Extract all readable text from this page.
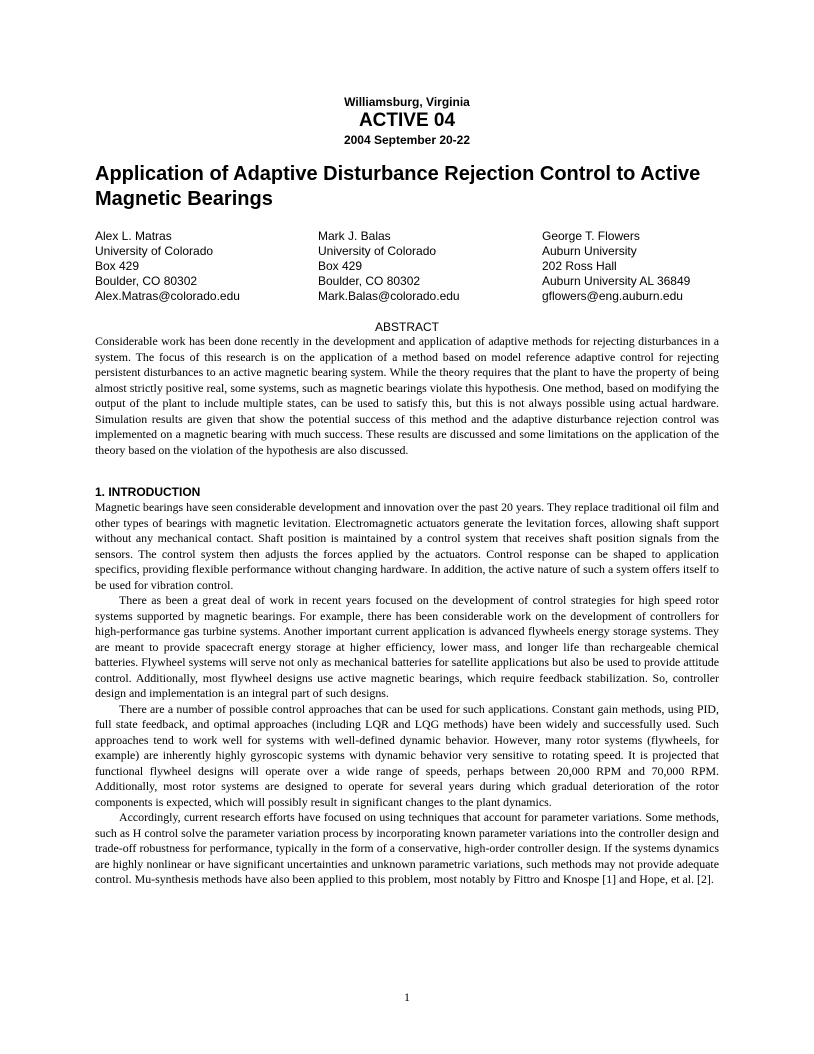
Williamsburg, Virginia
ACTIVE 04
2004 September 20-22
Application of Adaptive Disturbance Rejection Control to Active Magnetic Bearings
Alex L. Matras
University of Colorado
Box 429
Boulder, CO 80302
Alex.Matras@colorado.edu
Mark J. Balas
University of Colorado
Box 429
Boulder, CO 80302
Mark.Balas@colorado.edu
George T. Flowers
Auburn University
202 Ross Hall
Auburn University AL 36849
gflowers@eng.auburn.edu
ABSTRACT
Considerable work has been done recently in the development and application of adaptive methods for rejecting disturbances in a system. The focus of this research is on the application of a method based on model reference adaptive control for rejecting persistent disturbances to an active magnetic bearing system. While the theory requires that the plant to have the property of being almost strictly positive real, some systems, such as magnetic bearings violate this hypothesis. One method, based on modifying the output of the plant to include multiple states, can be used to satisfy this, but this is not always possible using actual hardware. Simulation results are given that show the potential success of this method and the adaptive disturbance rejection control was implemented on a magnetic bearing with much success. These results are discussed and some limitations on the application of the theory based on the violation of the hypothesis are also discussed.
1. INTRODUCTION

Magnetic bearings have seen considerable development and innovation over the past 20 years. They replace traditional oil film and other types of bearings with magnetic levitation. Electromagnetic actuators generate the levitation forces, allowing shaft support without any mechanical contact. Shaft position is maintained by a control system that receives shaft position signals from the sensors. The control system then adjusts the forces applied by the actuators. Control response can be shaped to application specifics, providing flexible performance without changing hardware. In addition, the active nature of such a system offers itself to be used for vibration control.

There as been a great deal of work in recent years focused on the development of control strategies for high speed rotor systems supported by magnetic bearings. For example, there has been considerable work on the development of controllers for high-performance gas turbine systems. Another important current application is advanced flywheels energy storage systems. They are meant to provide spacecraft energy storage at higher efficiency, lower mass, and longer life than rechargeable chemical batteries. Flywheel systems will serve not only as mechanical batteries for satellite applications but also be used to provide attitude control. Additionally, most flywheel designs use active magnetic bearings, which require feedback stabilization. So, controller design and implementation is an integral part of such designs.

There are a number of possible control approaches that can be used for such applications. Constant gain methods, using PID, full state feedback, and optimal approaches (including LQR and LQG methods) have been widely and successfully used. Such approaches tend to work well for systems with well-defined dynamic behavior. However, many rotor systems (flywheels, for example) are inherently highly gyroscopic systems with dynamic behavior very sensitive to rotating speed. It is projected that functional flywheel designs will operate over a wide range of speeds, perhaps between 20,000 RPM and 70,000 RPM. Additionally, most rotor systems are designed to operate for several years during which gradual deterioration of the rotor components is expected, which will possibly result in significant changes to the plant dynamics.

Accordingly, current research efforts have focused on using techniques that account for parameter variations. Some methods, such as H control solve the parameter variation process by incorporating known parameter variations into the controller design and trade-off robustness for performance, typically in the form of a conservative, high-order controller design. If the systems dynamics are highly nonlinear or have significant uncertainties and unknown parametric variations, such methods may not provide adequate control. Mu-synthesis methods have also been applied to this problem, most notably by Fittro and Knospe [1] and Hope, et al. [2].

1
